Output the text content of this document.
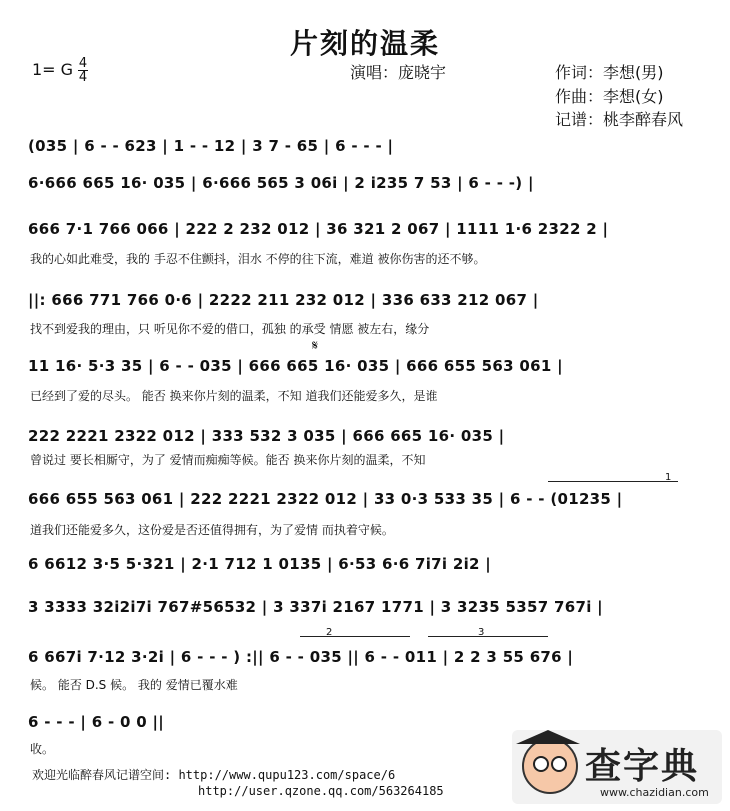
片刻的温柔
1= G 4
4	演唱：庞晓宇	作词：李想(男)
作曲：李想(女)
记谱：桃李醉春风
(035 | 6 - - 623 | 1 - - 12 | 3 7 - 65 | 6 - - - |
6·666 665 16· 035 | 6·666 565 3 06i | 2 i235 7 53 | 6 - - -) |
666 7·1 766 066 | 222 2 232 012 | 36 321 2 067 | 1111 1·6 2322 2 |
我的心如此难受，我的 手忍不住颤抖，泪水 不停的往下流，难道 被你伤害的还不够。
||: 666 771 766 0·6 | 2222 211 232 012 | 336 633 212 067 |
找不到爱我的理由，只 听见你不爱的借口，孤独 的承受 情愿 被左右，缘分
11 16· 5·3 35 | 6 - - 035 | 666 665 16· 035 | 666 655 563 061 |
已经到了爱的尽头。 能否 换来你片刻的温柔，不知 道我们还能爱多久，是谁
222 2221 2322 012 | 333 532 3 035 | 666 665 16· 035 |
曾说过 要长相厮守，为了 爱情而痴痴等候。能否 换来你片刻的温柔，不知
666 655 563 061 | 222 2221 2322 012 | 33 0·3 533 35 | 6 - - (01235 |
道我们还能爱多久，这份爱是否还值得拥有，为了爱情 而执着守候。
6 6612 3·5 5·321 | 2·1 712 1 0135 | 6·53 6·6 7i7i 2i2 |
3 3333 32i2i7i 767#56532 | 3 337i 2167 1771 | 3 3235 5357 767i |
6 667i 7·12 3·2i | 6 - - - ) :|| 6 - - 035 || 6 - - 011 | 2 2 3 55 676 |
候。 能否 D.S 候。 我的 爱情已覆水难
6 - - - | 6 - 0 0 ||
收。
1
2	3
𝄋
欢迎光临醉春风记谱空间: http://www.qupu123.com/space/6
http://user.qzone.qq.com/563264185
查字典
www.chazidian.com
